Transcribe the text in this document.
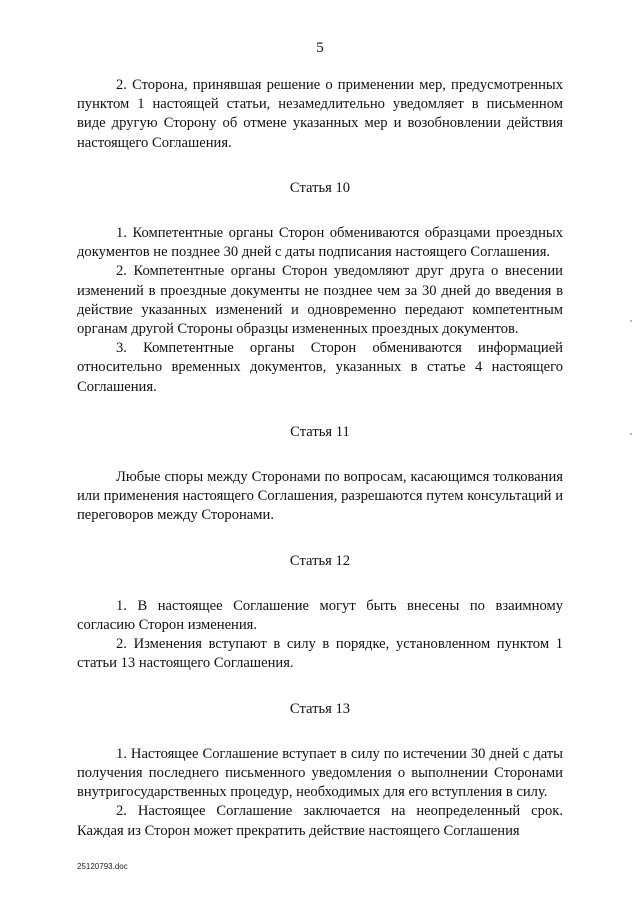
5

2. Сторона, принявшая решение о применении мер, предусмотренных пунктом 1 настоящей статьи, незамедлительно уведомляет в письменном виде другую Сторону об отмене указанных мер и возобновлении действия настоящего Соглашения.

Статья 10

1. Компетентные органы Сторон обмениваются образцами проездных документов не позднее 30 дней с даты подписания настоящего Соглашения.

2. Компетентные органы Сторон уведомляют друг друга о внесении изменений в проездные документы не позднее чем за 30 дней до введения в действие указанных изменений и одновременно передают компетентным органам другой Стороны образцы измененных проездных документов.

3. Компетентные органы Сторон обмениваются информацией относительно временных документов, указанных в статье 4 настоящего Соглашения.

Статья 11

Любые споры между Сторонами по вопросам, касающимся толкования или применения настоящего Соглашения, разрешаются путем консультаций и переговоров между Сторонами.

Статья 12

1. В настоящее Соглашение могут быть внесены по взаимному согласию Сторон изменения.

2. Изменения вступают в силу в порядке, установленном пунктом 1 статьи 13 настоящего Соглашения.

Статья 13

1. Настоящее Соглашение вступает в силу по истечении 30 дней с даты получения последнего письменного уведомления о выполнении Сторонами внутригосударственных процедур, необходимых для его вступления в силу.

2. Настоящее Соглашение заключается на неопределенный срок. Каждая из Сторон может прекратить действие настоящего Соглашения

25120793.doc
